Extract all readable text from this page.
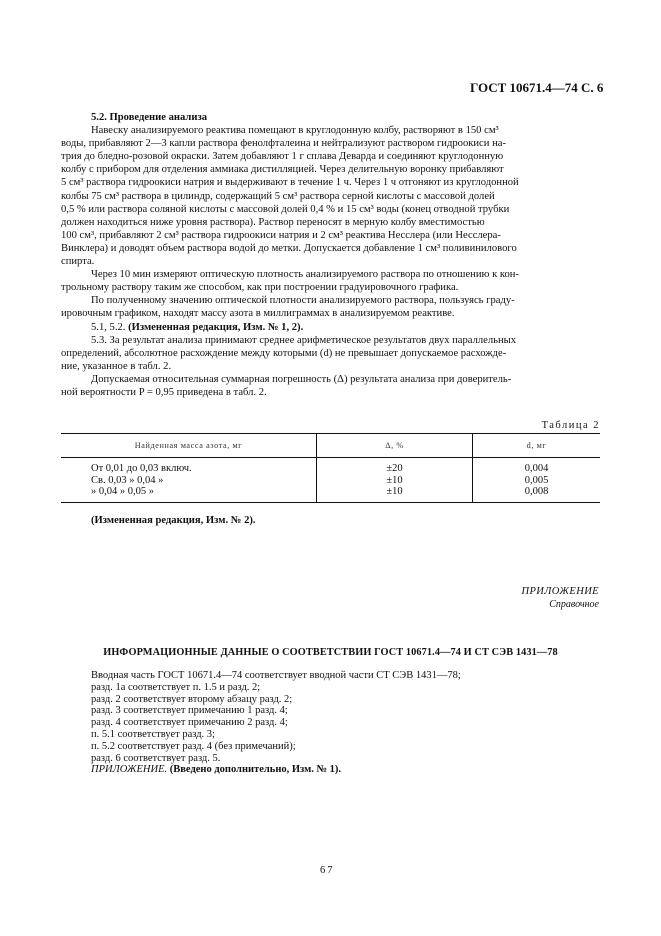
ГОСТ 10671.4—74 С. 6
5.2. Проведение анализа

Навеску анализируемого реактива помещают в круглодонную колбу, растворяют в 150 см³
воды, прибавляют 2—3 капли раствора фенолфталеина и нейтрализуют раствором гидроокиси на-
трия до бледно-розовой окраски. Затем добавляют 1 г сплава Деварда и соединяют круглодонную
колбу с прибором для отделения аммиака дистилляцией. Через делительную воронку прибавляют
5 см³ раствора гидроокиси натрия и выдерживают в течение 1 ч. Через 1 ч отгоняют из круглодонной
колбы 75 см³ раствора в цилиндр, содержащий 5 см³ раствора серной кислоты с массовой долей
0,5 % или раствора соляной кислоты с массовой долей 0,4 % и 15 см³ воды (конец отводной трубки
должен находиться ниже уровня раствора). Раствор переносят в мерную колбу вместимостью
100 см³, прибавляют 2 см³ раствора гидроокиси натрия и 2 см³ реактива Несслера (или Несслера-
Винклера) и доводят объем раствора водой до метки. Допускается добавление 1 см³ поливинилового
спирта.

Через 10 мин измеряют оптическую плотность анализируемого раствора по отношению к кон-
трольному раствору таким же способом, как при построении градуировочного графика.

По полученному значению оптической плотности анализируемого раствора, пользуясь граду-
ировочным графиком, находят массу азота в миллиграммах в анализируемом реактиве.

5.1, 5.2. (Измененная редакция, Изм. № 1, 2).

5.3. За результат анализа принимают среднее арифметическое результатов двух параллельных
определений, абсолютное расхождение между которыми (d) не превышает допускаемое расхожде-
ние, указанное в табл. 2.

Допускаемая относительная суммарная погрешность (Δ) результата анализа при доверитель-
ной вероятности P = 0,95 приведена в табл. 2.

Таблица 2
Найденная масса азота, мг	Δ, %	d, мг
От 0,01 до 0,03 включ.
Св. 0,03 » 0,04 »
» 0,04 » 0,05 »
±20
±10
±10
0,004
0,005
0,008
(Измененная редакция, Изм. № 2).
ПРИЛОЖЕНИЕ
Справочное
ИНФОРМАЦИОННЫЕ ДАННЫЕ О СООТВЕТСТВИИ ГОСТ 10671.4—74 И СТ СЭВ 1431—78
Вводная часть ГОСТ 10671.4—74 соответствует вводной части СТ СЭВ 1431—78;
разд. 1а соответствует п. 1.5 и разд. 2;
разд. 2 соответствует второму абзацу разд. 2;
разд. 3 соответствует примечанию 1 разд. 4;
разд. 4 соответствует примечанию 2 разд. 4;
п. 5.1 соответствует разд. 3;
п. 5.2 соответствует разд. 4 (без примечаний);
разд. 6 соответствует разд. 5.
ПРИЛОЖЕНИЕ. (Введено дополнительно, Изм. № 1).
67
